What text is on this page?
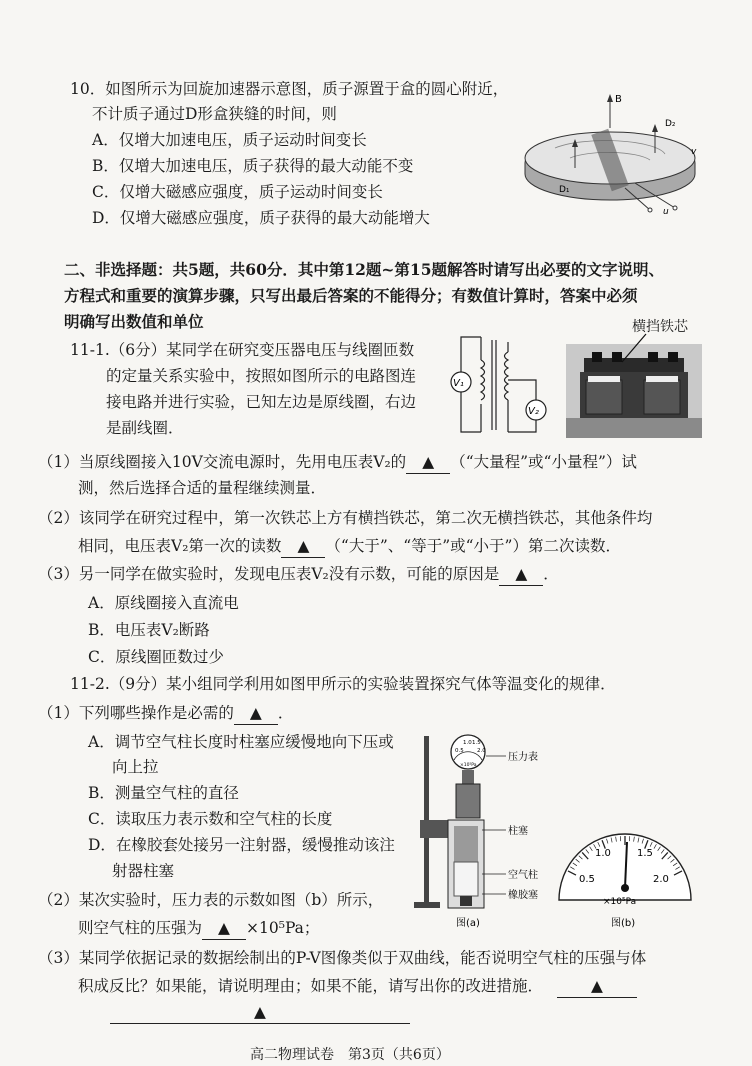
10．如图所示为回旋加速器示意图，质子源置于盒的圆心附近，
不计质子通过D形盒狭缝的时间，则
A．仅增大加速电压，质子运动时间变长
B．仅增大加速电压，质子获得的最大动能不变
C．仅增大磁感应强度，质子运动时间变长
D．仅增大磁感应强度，质子获得的最大动能增大
B
D₁
D₂
v
u
二、非选择题：共5题，共60分．其中第12题~第15题解答时请写出必要的文字说明、
方程式和重要的演算步骤，只写出最后答案的不能得分；有数值计算时，答案中必须
明确写出数值和单位
11-1.（6分）某同学在研究变压器电压与线圈匝数
的定量关系实验中，按照如图所示的电路图连
接电路并进行实验，已知左边是原线圈，右边
是副线圈．
V₁
V₂
横挡铁芯
（1）当原线圈接入10V交流电源时，先用电压表V₂的 ▲ （“大量程”或“小量程”）试
测，然后选择合适的量程继续测量．
（2）该同学在研究过程中，第一次铁芯上方有横挡铁芯，第二次无横挡铁芯，其他条件均
相同，电压表V₂第一次的读数 ▲ （“大于”、“等于”或“小于”）第二次读数．
（3）另一同学在做实验时，发现电压表V₂没有示数，可能的原因是 ▲ ．
A．原线圈接入直流电
B．电压表V₂断路
C．原线圈匝数过少
11-2.（9分）某小组同学利用如图甲所示的实验装置探究气体等温变化的规律．
（1）下列哪些操作是必需的 ▲ ．
A．调节空气柱长度时柱塞应缓慢地向下压或
向上拉
B．测量空气柱的直径
C．读取压力表示数和空气柱的长度
D．在橡胶套处接另一注射器，缓慢推动该注
射器柱塞
（2）某次实验时，压力表的示数如图（b）所示，
则空气柱的压强为 ▲ ×10⁵Pa；
（3）某同学依据记录的数据绘制出的P-V图像类似于双曲线，能否说明空气柱的压强与体
积成反比？如果能，请说明理由；如果不能，请写出你的改进措施．	▲
▲
0.5
1.0 1.5
2.0
×10⁵Pa
压力表
柱塞
空气柱
橡胶塞
图(a)
0.5
1.0	1.5
2.0
×10⁵Pa
图(b)
高二物理试卷　第3页（共6页）
